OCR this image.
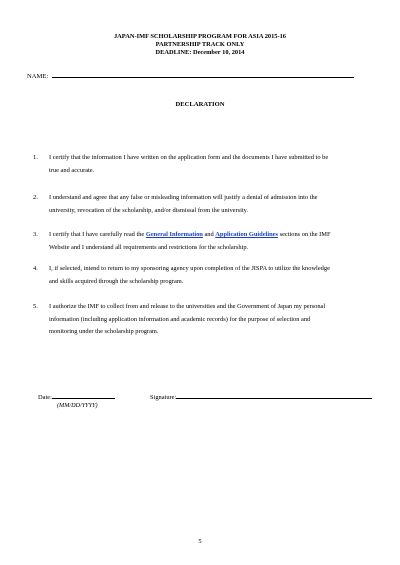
JAPAN-IMF SCHOLARSHIP PROGRAM FOR ASIA 2015-16
PARTNERSHIP TRACK ONLY
DEADLINE: December 10, 2014
NAME:
DECLARATION
1. I certify that the information I have written on the application form and the documents I have submitted to be
true and accurate.
2. I understand and agree that any false or misleading information will justify a denial of admission into the
university, revocation of the scholarship, and/or dismissal from the university.
3. I certify that I have carefully read the General Information and Application Guidelines sections on the IMF
Website and I understand all requirements and restrictions for the scholarship.
4. I, if selected, intend to return to my sponsoring agency upon completion of the JISPA to utilize the knowledge
and skills acquired through the scholarship program.
5. I authorize the IMF to collect from and release to the universities and the Government of Japan my personal
information (including application information and academic records) for the purpose of selection and
monitoring under the scholarship program.
Date:
(MM/DD/YYYY)
Signature:
5
